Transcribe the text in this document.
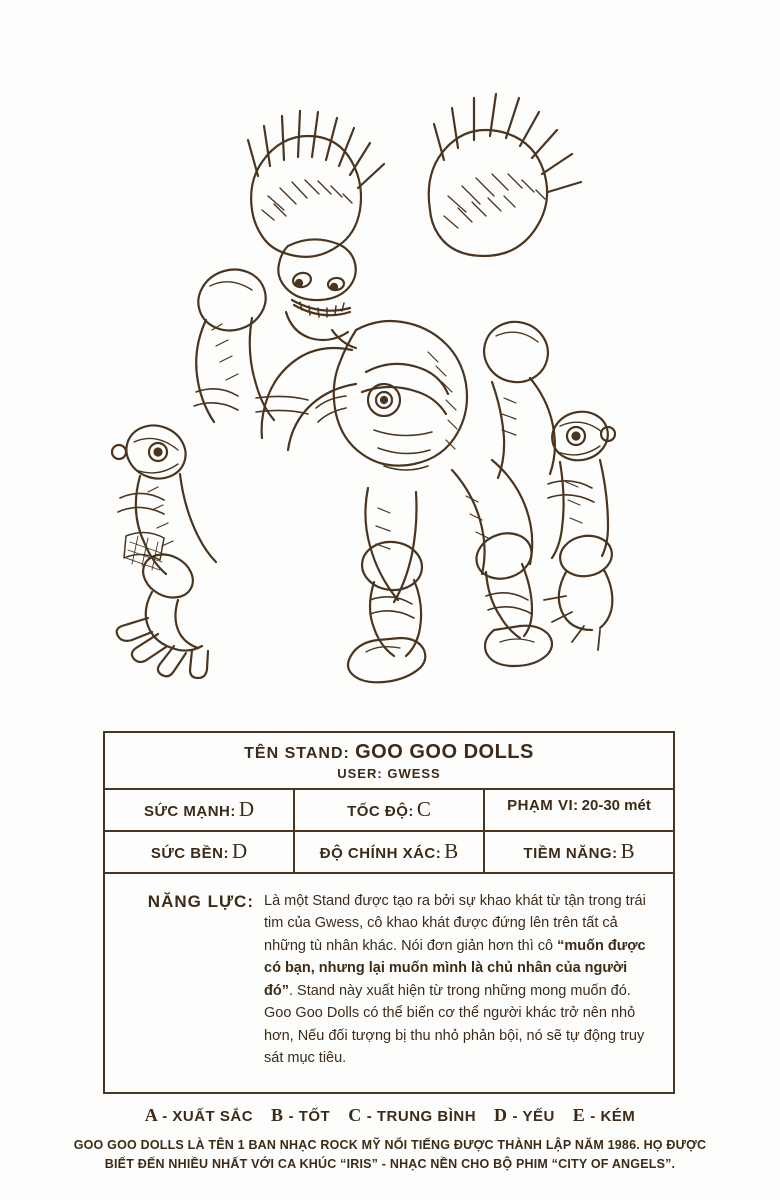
TÊN STAND: GOO GOO DOLLS
USER: GWESS
SỨC MẠNH: D	TỐC ĐỘ: C	PHẠM VI: 20-30 mét
SỨC BỀN: D	ĐỘ CHÍNH XÁC: B	TIỀM NĂNG: B
NĂNG LỰC: Là một Stand được tạo ra bởi sự khao khát từ tận trong trái tim của Gwess, cô khao khát được đứng lên trên tất cả những tù nhân khác. Nói đơn giản hơn thì cô “muốn được có bạn, nhưng lại muốn mình là chủ nhân của người đó”. Stand này xuất hiện từ trong những mong muốn đó. Goo Goo Dolls có thể biến cơ thể người khác trở nên nhỏ hơn, Nếu đối tượng bị thu nhỏ phản bội, nó sẽ tự động truy sát mục tiêu.
A - XUẤT SẮC B - TỐT C - TRUNG BÌNH D - YẾU E - KÉM
GOO GOO DOLLS LÀ TÊN 1 BAN NHẠC ROCK MỸ NỔI TIẾNG ĐƯỢC THÀNH LẬP NĂM 1986. HỌ ĐƯỢC BIẾT ĐẾN NHIỀU NHẤT VỚI CA KHÚC “IRIS” - NHẠC NỀN CHO BỘ PHIM “CITY OF ANGELS”.
